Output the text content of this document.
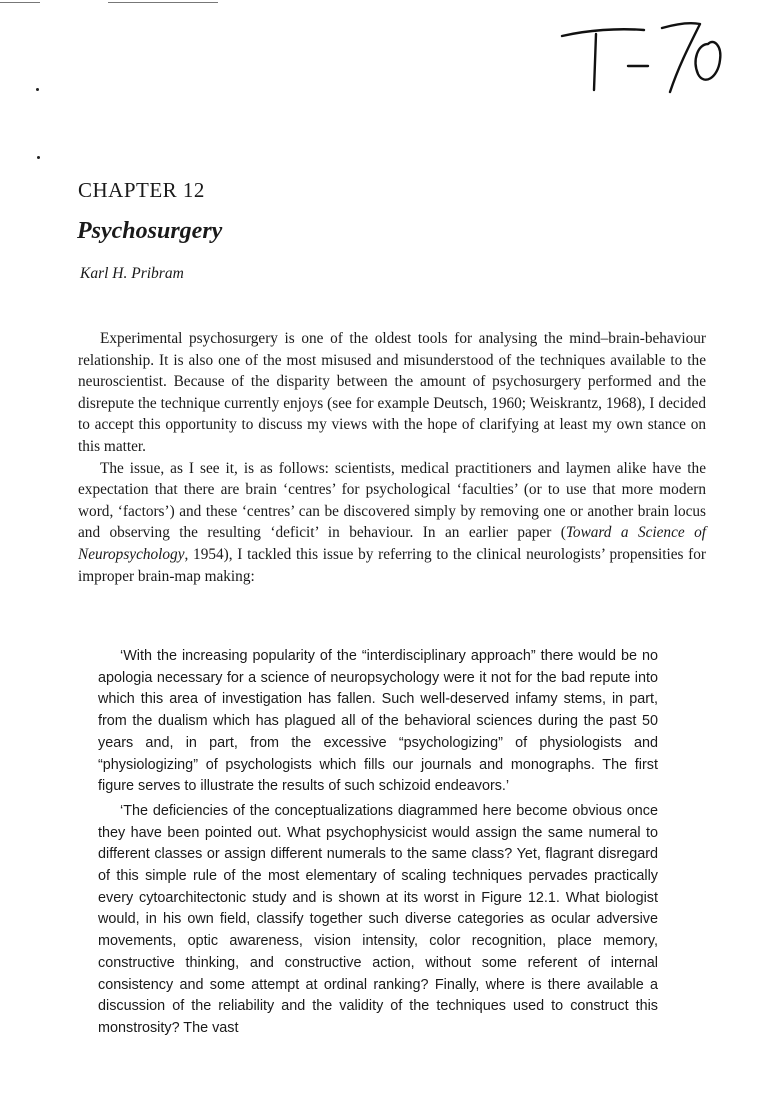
CHAPTER 12
Psychosurgery
Karl H. Pribram

Experimental psychosurgery is one of the oldest tools for analysing the mind–brain-behaviour relationship. It is also one of the most misused and misunderstood of the techniques available to the neuroscientist. Because of the disparity between the amount of psychosurgery performed and the disrepute the technique currently enjoys (see for example Deutsch, 1960; Weiskrantz, 1968), I decided to accept this opportunity to discuss my views with the hope of clarifying at least my own stance on this matter.

The issue, as I see it, is as follows: scientists, medical practitioners and laymen alike have the expectation that there are brain ‘centres’ for psychological ‘faculties’ (or to use that more modern word, ‘factors’) and these ‘centres’ can be discovered simply by removing one or another brain locus and observing the resulting ‘deficit’ in behaviour. In an earlier paper (Toward a Science of Neuropsychology, 1954), I tackled this issue by referring to the clinical neurologists’ propensities for improper brain-map making:

‘With the increasing popularity of the “interdisciplinary approach” there would be no apologia necessary for a science of neuropsychology were it not for the bad repute into which this area of investigation has fallen. Such well-deserved infamy stems, in part, from the dualism which has plagued all of the behavioral sciences during the past 50 years and, in part, from the excessive “psychologizing” of physiologists and “physiologizing” of psychologists which fills our journals and monographs. The first figure serves to illustrate the results of such schizoid endeavors.’

‘The deficiencies of the conceptualizations diagrammed here become obvious once they have been pointed out. What psychophysicist would assign the same numeral to different classes or assign different numerals to the same class? Yet, flagrant disregard of this simple rule of the most elementary of scaling techniques pervades practically every cytoarchitectonic study and is shown at its worst in Figure 12.1. What biologist would, in his own field, classify together such diverse categories as ocular adversive movements, optic awareness, vision intensity, color recognition, place memory, constructive thinking, and constructive action, without some referent of internal consistency and some attempt at ordinal ranking? Finally, where is there available a discussion of the reliability and the validity of the techniques used to construct this monstrosity? The vast
